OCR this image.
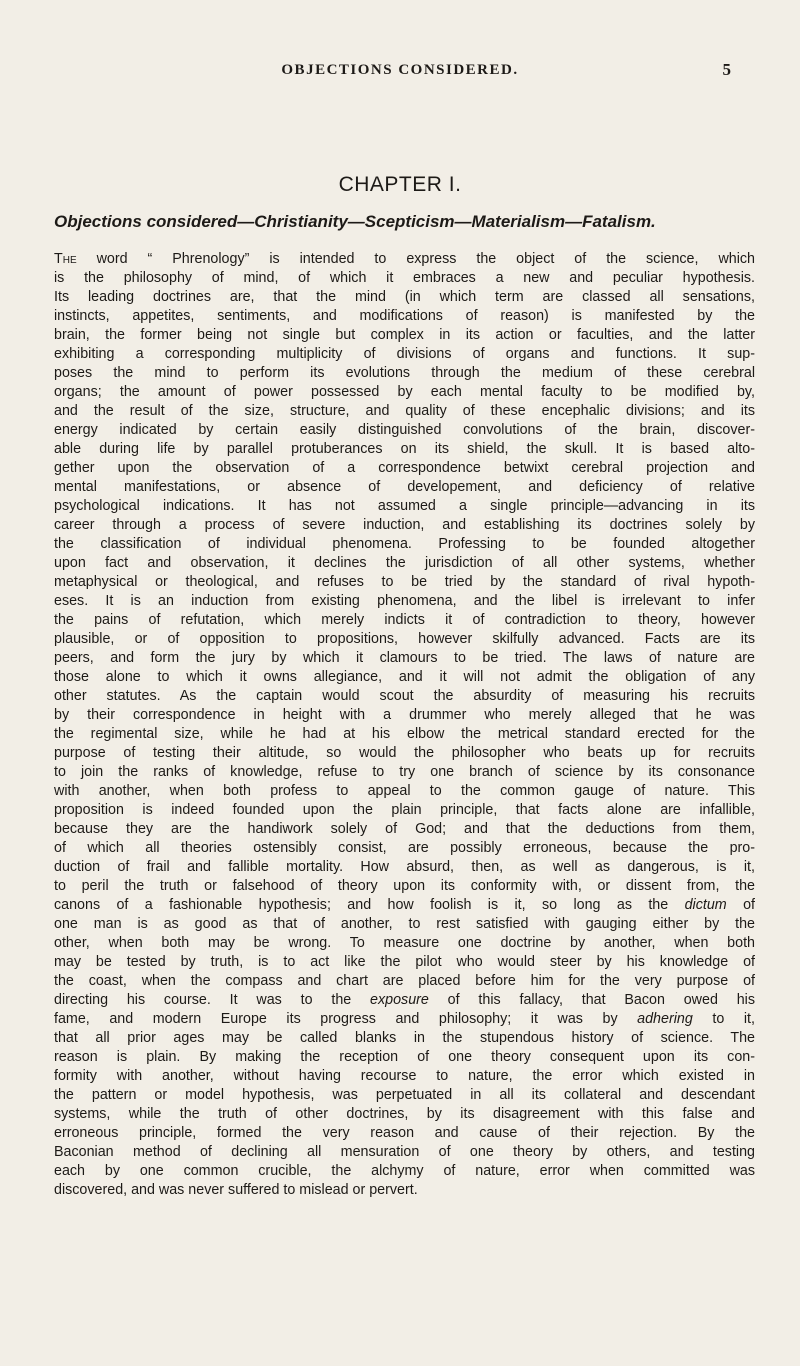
OBJECTIONS CONSIDERED.	5
CHAPTER I.
Objections considered—Christianity—Scepticism—Materialism—Fatalism.
The word “ Phrenology” is intended to express the object of the science, which
is the philosophy of mind, of which it embraces a new and peculiar hypothesis.
Its leading doctrines are, that the mind (in which term are classed all sensations,
instincts, appetites, sentiments, and modifications of reason) is manifested by the
brain, the former being not single but complex in its action or faculties, and the latter
exhibiting a corresponding multiplicity of divisions of organs and functions. It sup-
poses the mind to perform its evolutions through the medium of these cerebral
organs; the amount of power possessed by each mental faculty to be modified by,
and the result of the size, structure, and quality of these encephalic divisions; and its
energy indicated by certain easily distinguished convolutions of the brain, discover-
able during life by parallel protuberances on its shield, the skull. It is based alto-
gether upon the observation of a correspondence betwixt cerebral projection and
mental manifestations, or absence of developement, and deficiency of relative
psychological indications. It has not assumed a single principle—advancing in its
career through a process of severe induction, and establishing its doctrines solely by
the classification of individual phenomena. Professing to be founded altogether
upon fact and observation, it declines the jurisdiction of all other systems, whether
metaphysical or theological, and refuses to be tried by the standard of rival hypoth-
eses. It is an induction from existing phenomena, and the libel is irrelevant to infer
the pains of refutation, which merely indicts it of contradiction to theory, however
plausible, or of opposition to propositions, however skilfully advanced. Facts are its
peers, and form the jury by which it clamours to be tried. The laws of nature are
those alone to which it owns allegiance, and it will not admit the obligation of any
other statutes. As the captain would scout the absurdity of measuring his recruits
by their correspondence in height with a drummer who merely alleged that he was
the regimental size, while he had at his elbow the metrical standard erected for the
purpose of testing their altitude, so would the philosopher who beats up for recruits
to join the ranks of knowledge, refuse to try one branch of science by its consonance
with another, when both profess to appeal to the common gauge of nature. This
proposition is indeed founded upon the plain principle, that facts alone are infallible,
because they are the handiwork solely of God; and that the deductions from them,
of which all theories ostensibly consist, are possibly erroneous, because the pro-
duction of frail and fallible mortality. How absurd, then, as well as dangerous, is it,
to peril the truth or falsehood of theory upon its conformity with, or dissent from, the
canons of a fashionable hypothesis; and how foolish is it, so long as the dictum of
one man is as good as that of another, to rest satisfied with gauging either by the
other, when both may be wrong. To measure one doctrine by another, when both
may be tested by truth, is to act like the pilot who would steer by his knowledge of
the coast, when the compass and chart are placed before him for the very purpose of
directing his course. It was to the exposure of this fallacy, that Bacon owed his
fame, and modern Europe its progress and philosophy; it was by adhering to it,
that all prior ages may be called blanks in the stupendous history of science. The
reason is plain. By making the reception of one theory consequent upon its con-
formity with another, without having recourse to nature, the error which existed in
the pattern or model hypothesis, was perpetuated in all its collateral and descendant
systems, while the truth of other doctrines, by its disagreement with this false and
erroneous principle, formed the very reason and cause of their rejection. By the
Baconian method of declining all mensuration of one theory by others, and testing
each by one common crucible, the alchymy of nature, error when committed was
discovered, and was never suffered to mislead or pervert.
